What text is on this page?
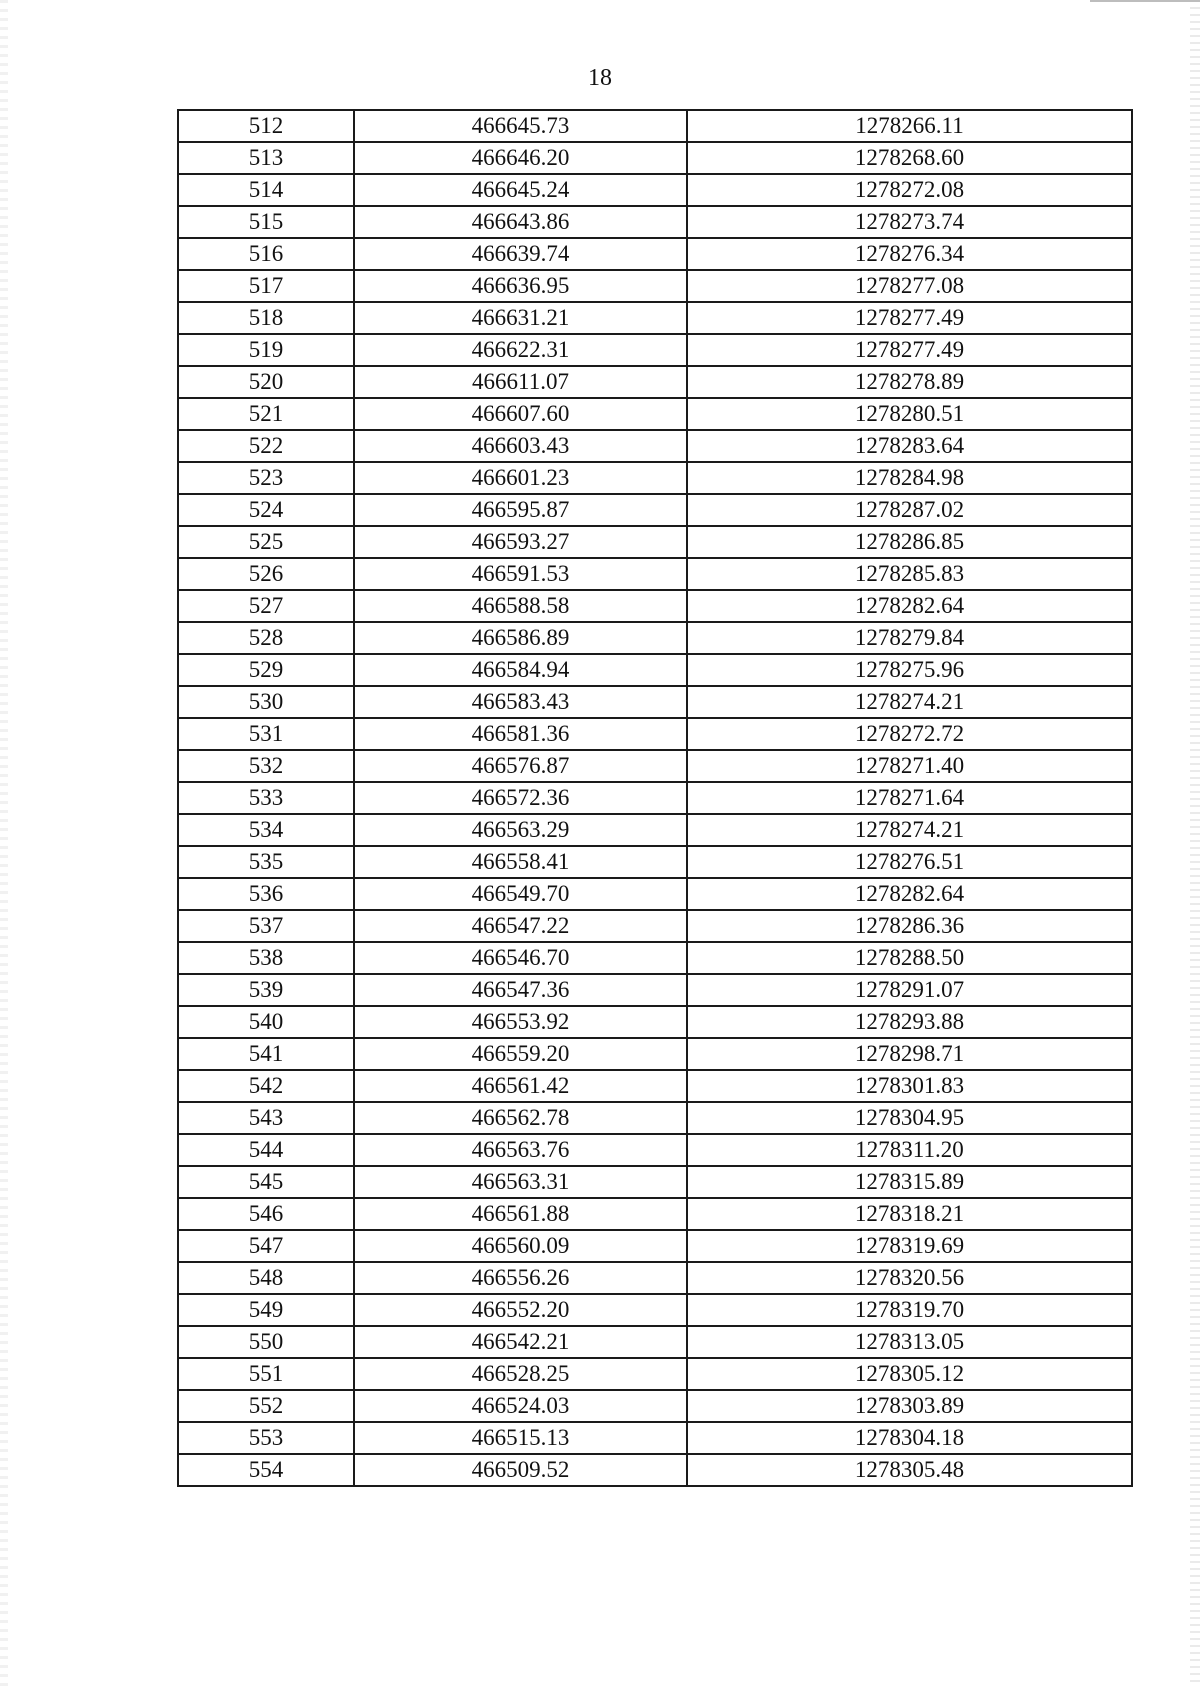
18
512	466645.73	1278266.11
513	466646.20	1278268.60
514	466645.24	1278272.08
515	466643.86	1278273.74
516	466639.74	1278276.34
517	466636.95	1278277.08
518	466631.21	1278277.49
519	466622.31	1278277.49
520	466611.07	1278278.89
521	466607.60	1278280.51
522	466603.43	1278283.64
523	466601.23	1278284.98
524	466595.87	1278287.02
525	466593.27	1278286.85
526	466591.53	1278285.83
527	466588.58	1278282.64
528	466586.89	1278279.84
529	466584.94	1278275.96
530	466583.43	1278274.21
531	466581.36	1278272.72
532	466576.87	1278271.40
533	466572.36	1278271.64
534	466563.29	1278274.21
535	466558.41	1278276.51
536	466549.70	1278282.64
537	466547.22	1278286.36
538	466546.70	1278288.50
539	466547.36	1278291.07
540	466553.92	1278293.88
541	466559.20	1278298.71
542	466561.42	1278301.83
543	466562.78	1278304.95
544	466563.76	1278311.20
545	466563.31	1278315.89
546	466561.88	1278318.21
547	466560.09	1278319.69
548	466556.26	1278320.56
549	466552.20	1278319.70
550	466542.21	1278313.05
551	466528.25	1278305.12
552	466524.03	1278303.89
553	466515.13	1278304.18
554	466509.52	1278305.48
